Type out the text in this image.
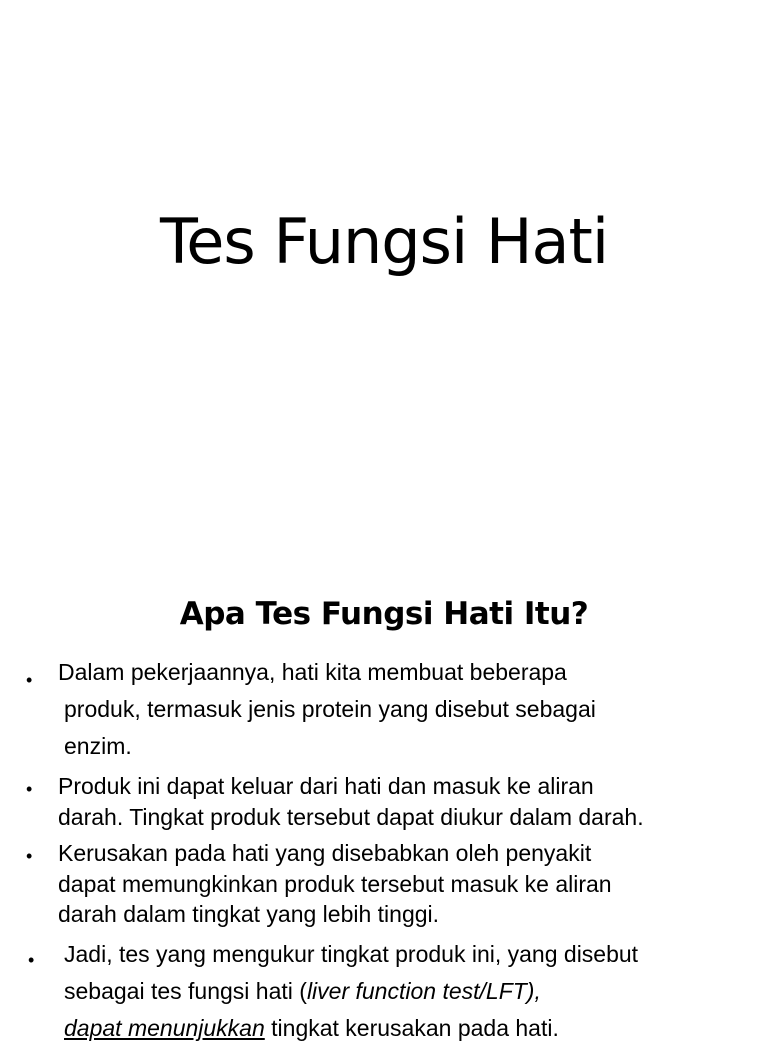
Tes Fungsi Hati
Apa Tes Fungsi Hati Itu?
• Dalam pekerjaannya, hati kita membuat beberapa
produk, termasuk jenis protein yang disebut sebagai
enzim.
• Produk ini dapat keluar dari hati dan masuk ke aliran
darah. Tingkat produk tersebut dapat diukur dalam darah.
• Kerusakan pada hati yang disebabkan oleh penyakit
dapat memungkinkan produk tersebut masuk ke aliran
darah dalam tingkat yang lebih tinggi.
• Jadi, tes yang mengukur tingkat produk ini, yang disebut
sebagai tes fungsi hati (liver function test/LFT),
dapat menunjukkan tingkat kerusakan pada hati.
